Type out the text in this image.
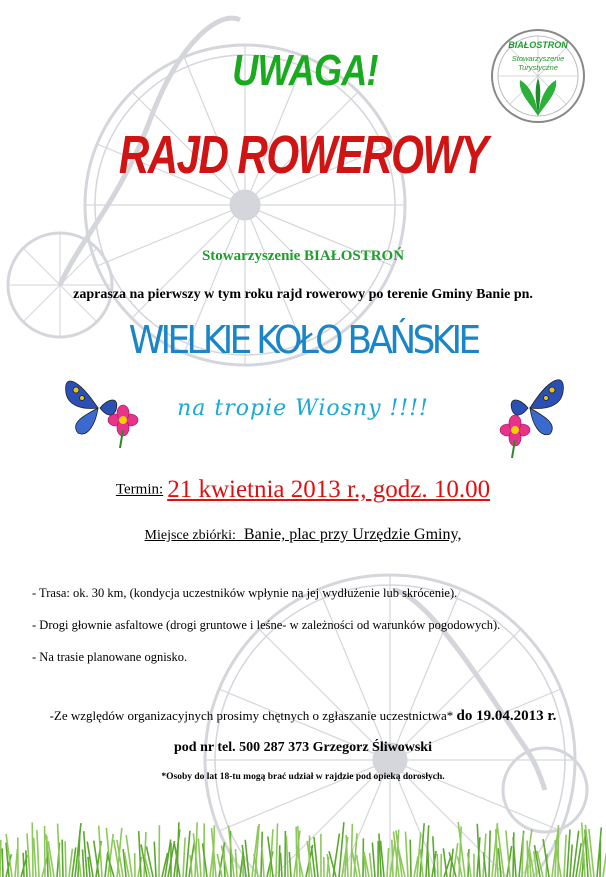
BIAŁOSTROŃ
Stowarzyszenie
Turystyczne
UWAGA!
RAJD ROWEROWY
Stowarzyszenie BIAŁOSTROŃ
zaprasza na pierwszy w tym roku rajd rowerowy po terenie Gminy Banie pn.
WIELKIE KOŁO BAŃSKIE
na tropie Wiosny !!!!
Termin: 21 kwietnia 2013 r., godz. 10.00
Miejsce zbiórki: Banie, plac przy Urzędzie Gminy,
- Trasa: ok. 30 km, (kondycja uczestników wpłynie na jej wydłużenie lub skrócenie).
- Drogi głownie asfaltowe (drogi gruntowe i leśne- w zależności od warunków pogodowych).
- Na trasie planowane ognisko.
-Ze względów organizacyjnych prosimy chętnych o zgłaszanie uczestnictwa* do 19.04.2013 r.
pod nr tel. 500 287 373 Grzegorz Śliwowski
*Osoby do lat 18-tu mogą brać udział w rajdzie pod opieką dorosłych.
